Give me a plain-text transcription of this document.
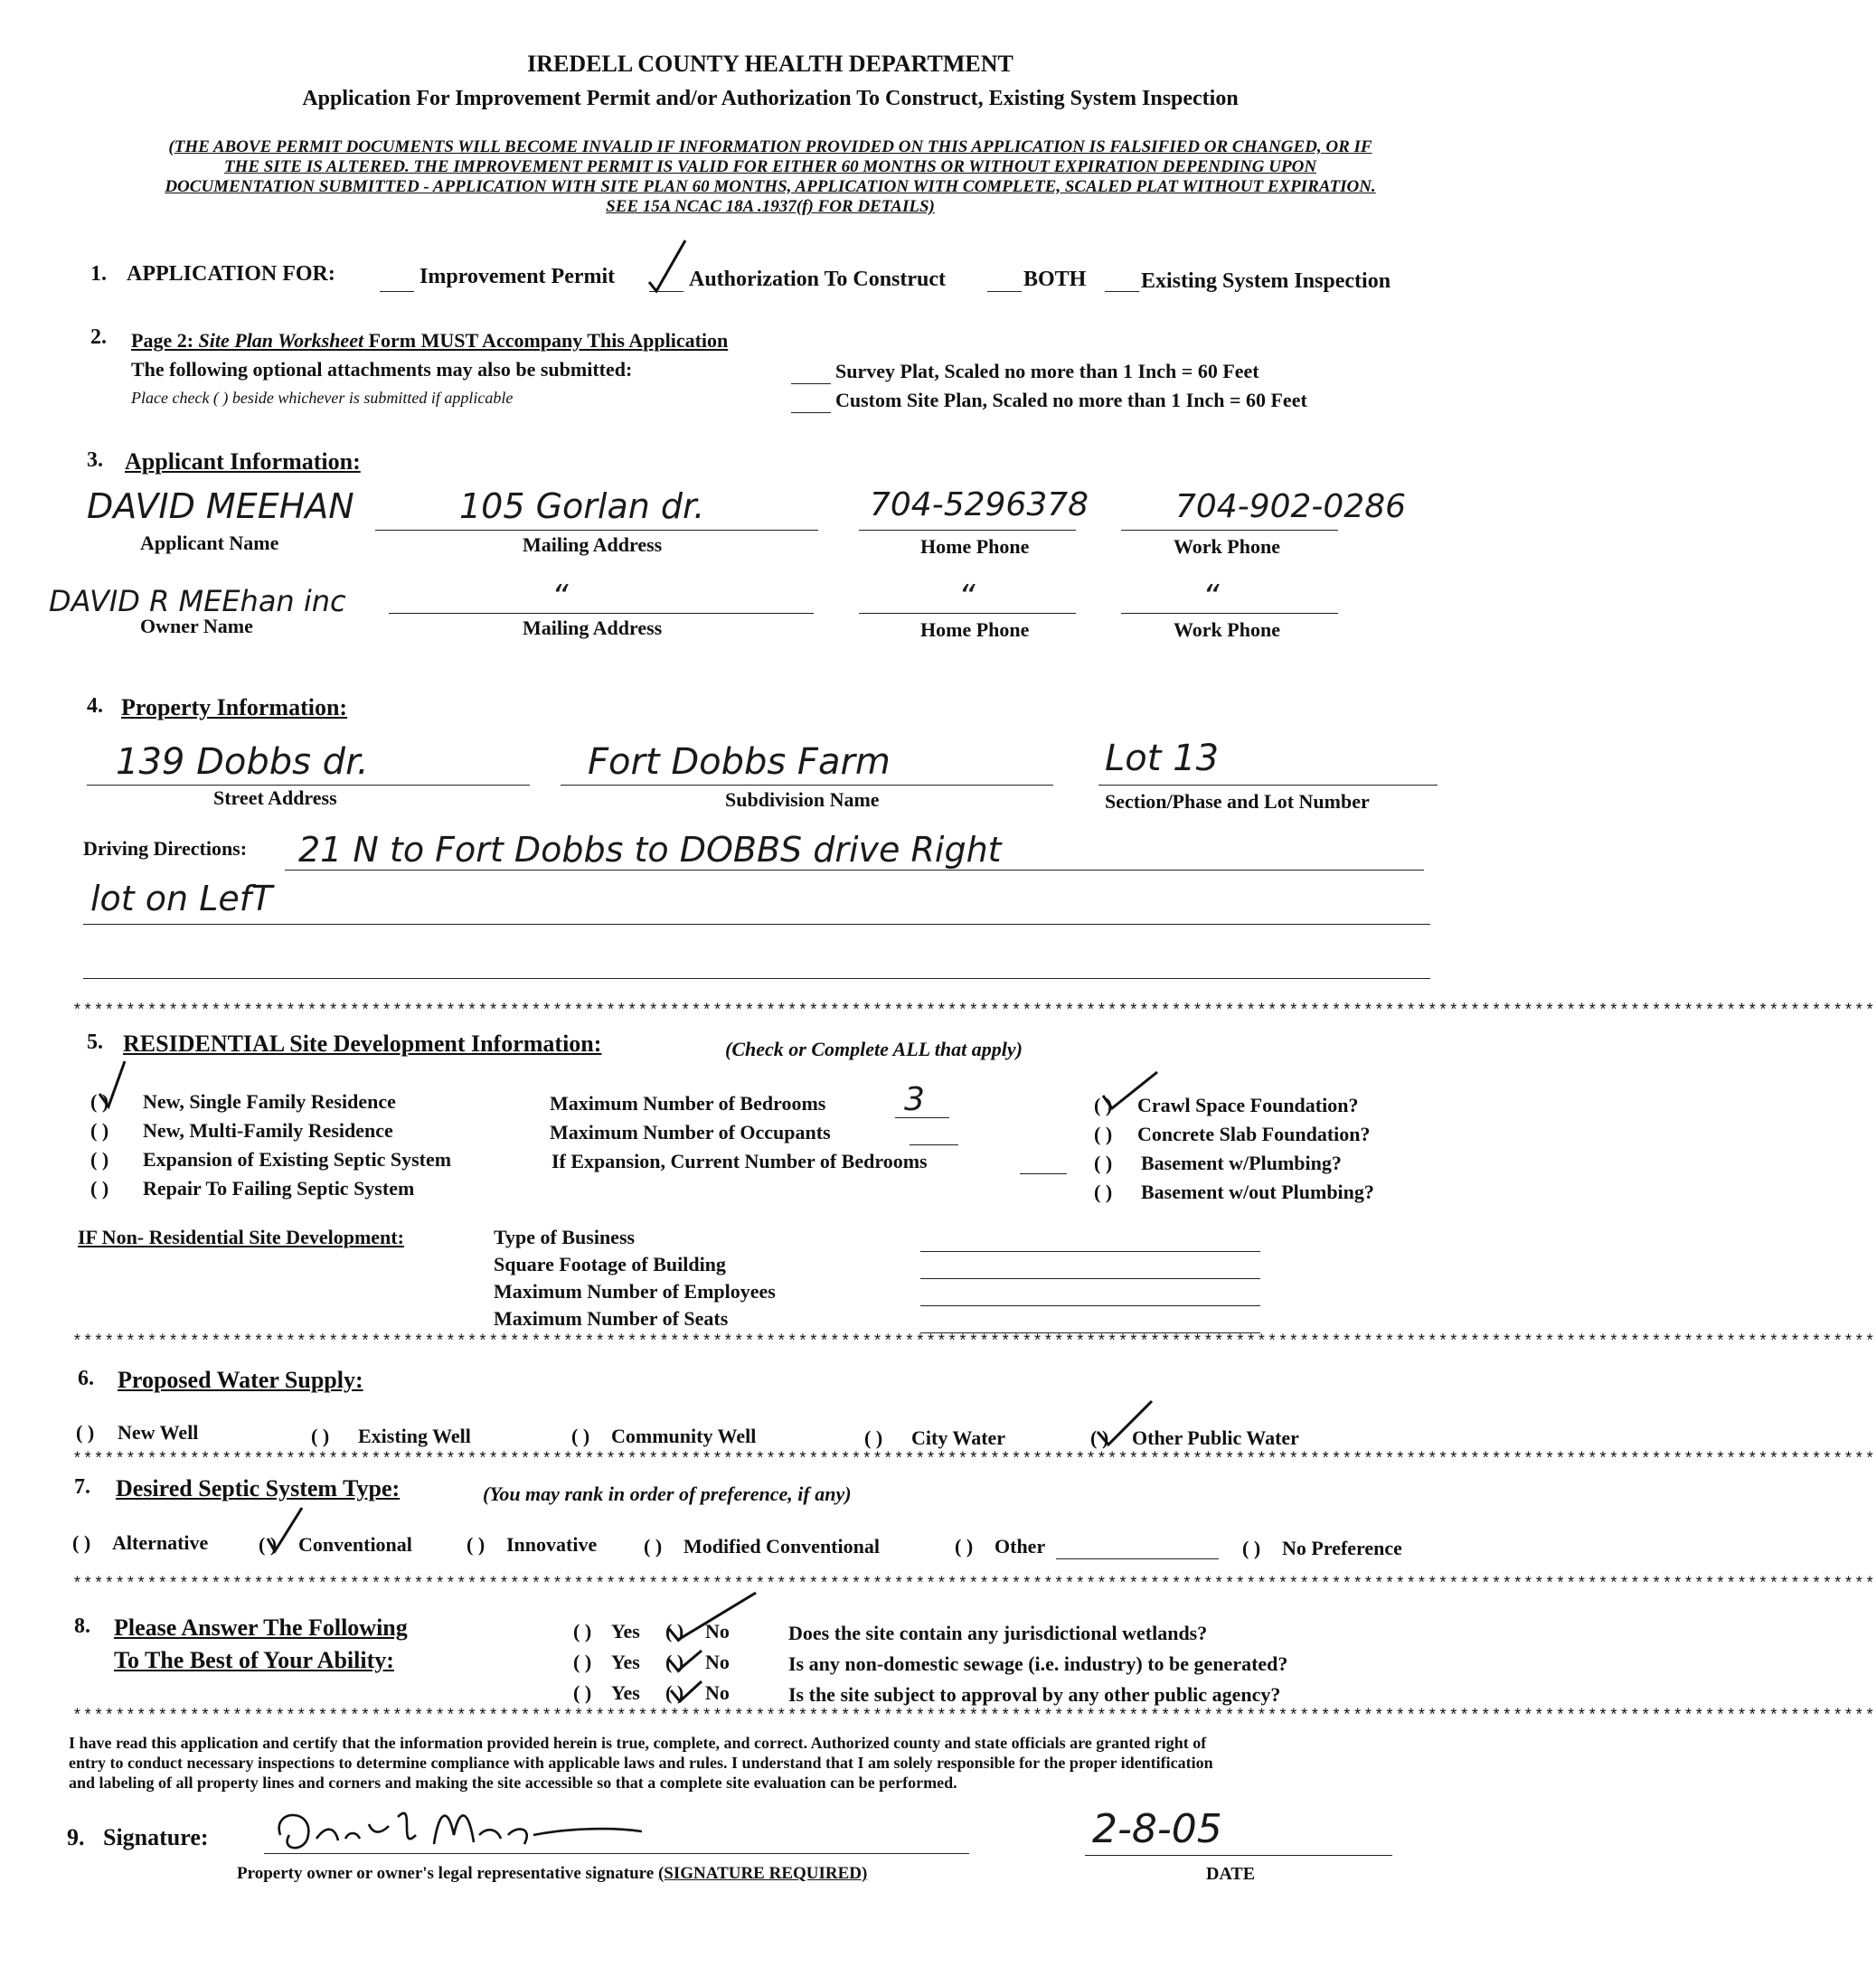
IREDELL COUNTY HEALTH DEPARTMENT
Application For Improvement Permit and/or Authorization To Construct, Existing System Inspection
(THE ABOVE PERMIT DOCUMENTS WILL BECOME INVALID IF INFORMATION PROVIDED ON THIS APPLICATION IS FALSIFIED OR CHANGED, OR IF
THE SITE IS ALTERED. THE IMPROVEMENT PERMIT IS VALID FOR EITHER 60 MONTHS OR WITHOUT EXPIRATION DEPENDING UPON
DOCUMENTATION SUBMITTED - APPLICATION WITH SITE PLAN 60 MONTHS, APPLICATION WITH COMPLETE, SCALED PLAT WITHOUT EXPIRATION.
SEE 15A NCAC 18A .1937(f) FOR DETAILS)
1. APPLICATION FOR:	Improvement Permit	Authorization To Construct	BOTH	Existing System Inspection
2. Page 2: Site Plan Worksheet Form MUST Accompany This Application
The following optional attachments may also be submitted:
Place check ( ) beside whichever is submitted if applicable
Survey Plat, Scaled no more than 1 Inch = 60 Feet
Custom Site Plan, Scaled no more than 1 Inch = 60 Feet
3. Applicant Information:
DAVID MEEHAN	105 Gorlan dr.	704-5296378	704-902-0286
Applicant Name	Mailing Address	Home Phone	Work Phone
DAVID R MEEhan inc	“	“	“
Owner Name	Mailing Address	Home Phone	Work Phone
4. Property Information:
139 Dobbs dr.	Fort Dobbs Farm	Lot 13
Street Address	Subdivision Name	Section/Phase and Lot Number
Driving Directions: 21 N to Fort Dobbs to DOBBS drive Right
lot on LefT
*************************************************************************************************************************************************************************
5. RESIDENTIAL Site Development Information:	(Check or Complete ALL that apply)
( ) New, Single Family Residence
( ) New, Multi-Family Residence
( ) Expansion of Existing Septic System
( ) Repair To Failing Septic System
Maximum Number of Bedrooms 3
Maximum Number of Occupants
If Expansion, Current Number of Bedrooms
( ) Crawl Space Foundation?
( ) Concrete Slab Foundation?
( ) Basement w/Plumbing?
( ) Basement w/out Plumbing?
IF Non- Residential Site Development:	Type of Business
Square Footage of Building
Maximum Number of Employees
Maximum Number of Seats
*************************************************************************************************************************************************************************
6. Proposed Water Supply:
( ) New Well	( ) Existing Well	( ) Community Well	( ) City Water	( ) Other Public Water
*************************************************************************************************************************************************************************
7. Desired Septic System Type:	(You may rank in order of preference, if any)
( ) Alternative	( ) Conventional	( ) Innovative ( ) Modified Conventional	( ) Other	( ) No Preference
*************************************************************************************************************************************************************************
8. Please Answer The Following
To The Best of Your Ability:
( ) Yes ( ) No	Does the site contain any jurisdictional wetlands?
( ) Yes ( ) No	Is any non-domestic sewage (i.e. industry) to be generated?
( ) Yes ( ) No	Is the site subject to approval by any other public agency?
*************************************************************************************************************************************************************************
I have read this application and certify that the information provided herein is true, complete, and correct. Authorized county and state officials are granted right of
entry to conduct necessary inspections to determine compliance with applicable laws and rules. I understand that I am solely responsible for the proper identification
and labeling of all property lines and corners and making the site accessible so that a complete site evaluation can be performed.
9. Signature:
Property owner or owner's legal representative signature (SIGNATURE REQUIRED)
2-8-05
DATE
